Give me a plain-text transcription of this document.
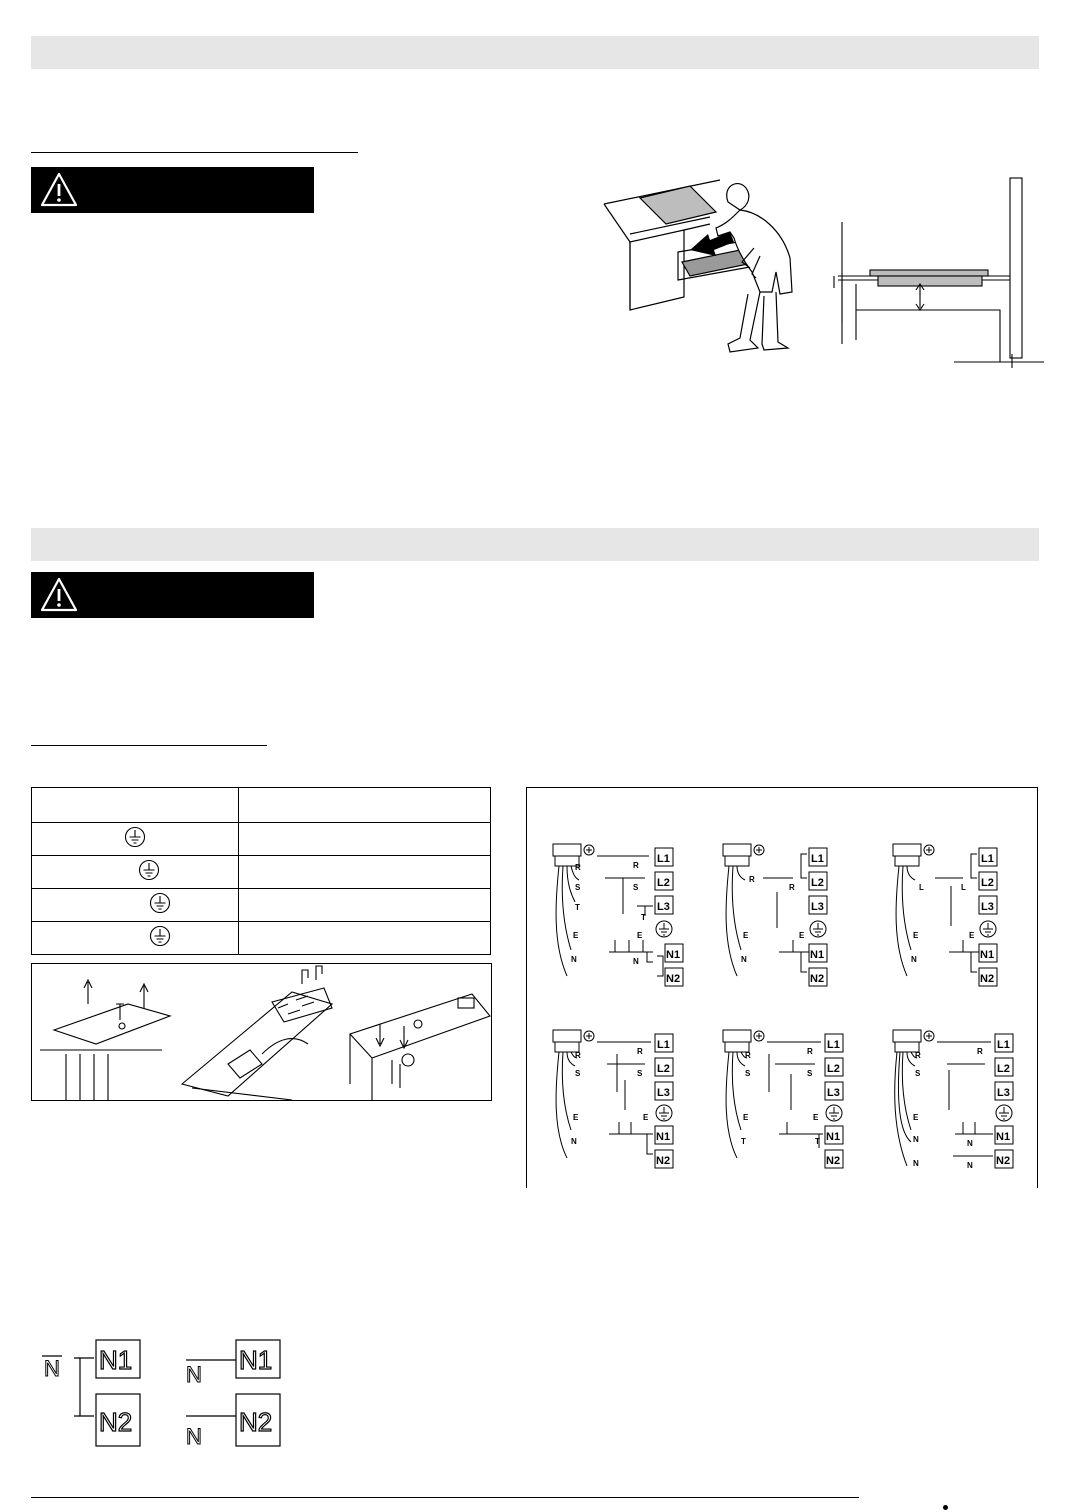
L1
L2
L3
N1
N2
R
S
T
E
N
R
S
T
E
N
L1
L2
L3
N1
N2
R
E
N
R
E
L1
L2
L3
N1
N2
L
E
N
L
E
L1
L2
L3
N1
N2
R
S
E
N
R
S
E
L1
L2
L3
N1
N2
R
S
E
T
R
S
E
T
L1
L2
L3
N1
N2
R
S
E
N
N
R
N
N
N N1
N2
N N1
N N2
